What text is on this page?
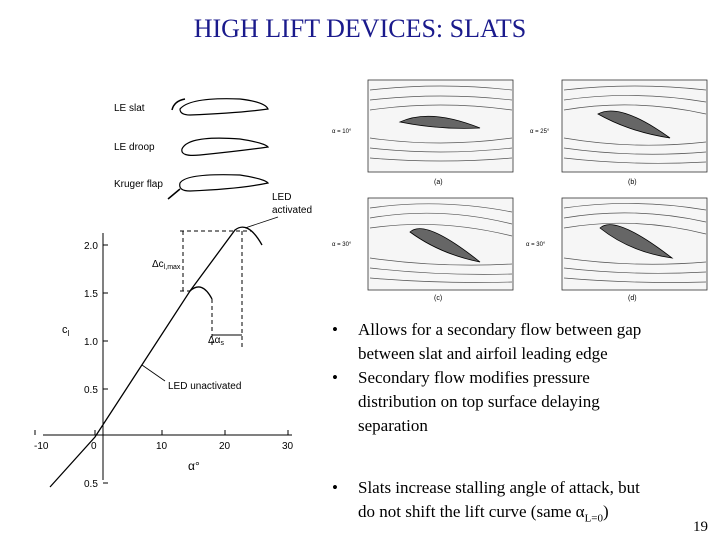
HIGH LIFT DEVICES: SLATS
LE slat
LE droop
Kruger flap
2.0
1.5
1.0
0.5
0.5
-10	0	10	20	30
$c_l$
α°
LED activated
$\Delta c_{l,max}$
$\Delta\alpha_s$
LED unactivated
α = 10°
(a)
α = 25°
(b)
α = 30°
(c)
α = 30°
(d)
• Allows for a secondary flow between gap
between slat and airfoil leading edge
• Secondary flow modifies pressure
distribution on top surface delaying
separation
• Slats increase stalling angle of attack, but
do not shift the lift curve (same $\alpha_{L=0}$)
19
